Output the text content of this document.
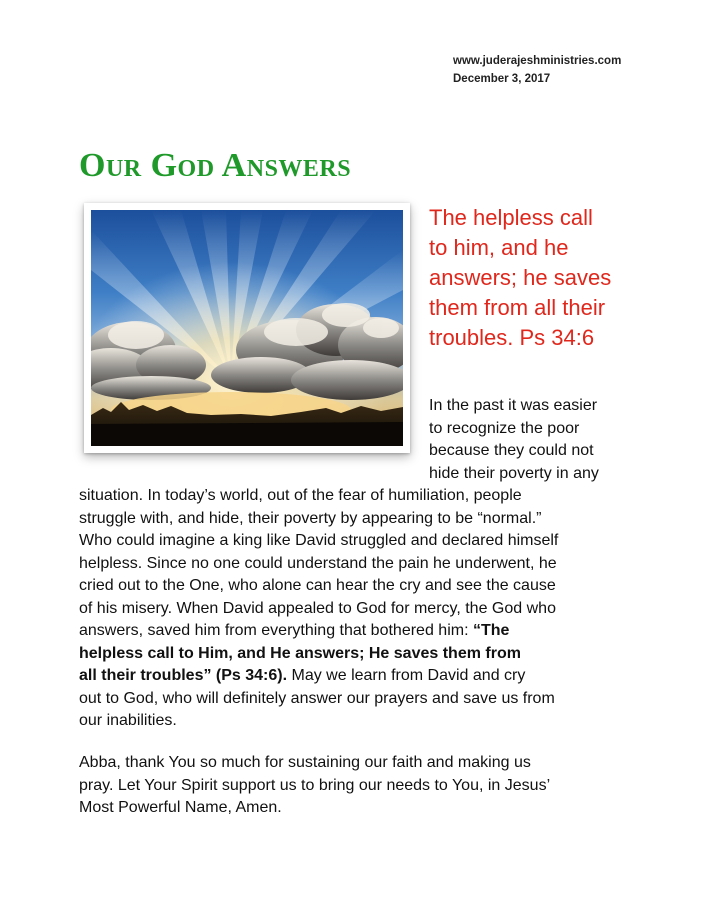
www.juderajeshministries.com
December 3, 2017
Our God Answers

The helpless call
to him, and he
answers; he saves
them from all their
troubles. Ps 34:6

In the past it was easier
to recognize the poor
because they could not
hide their poverty in any

situation. In today’s world, out of the fear of humiliation, people
struggle with, and hide, their poverty by appearing to be “normal.”
Who could imagine a king like David struggled and declared himself
helpless. Since no one could understand the pain he underwent, he
cried out to the One, who alone can hear the cry and see the cause
of his misery. When David appealed to God for mercy, the God who
answers, saved him from everything that bothered him: “The
helpless call to Him, and He answers; He saves them from
all their troubles” (Ps 34:6). May we learn from David and cry
out to God, who will definitely answer our prayers and save us from
our inabilities.

Abba, thank You so much for sustaining our faith and making us
pray. Let Your Spirit support us to bring our needs to You, in Jesus’
Most Powerful Name, Amen.
